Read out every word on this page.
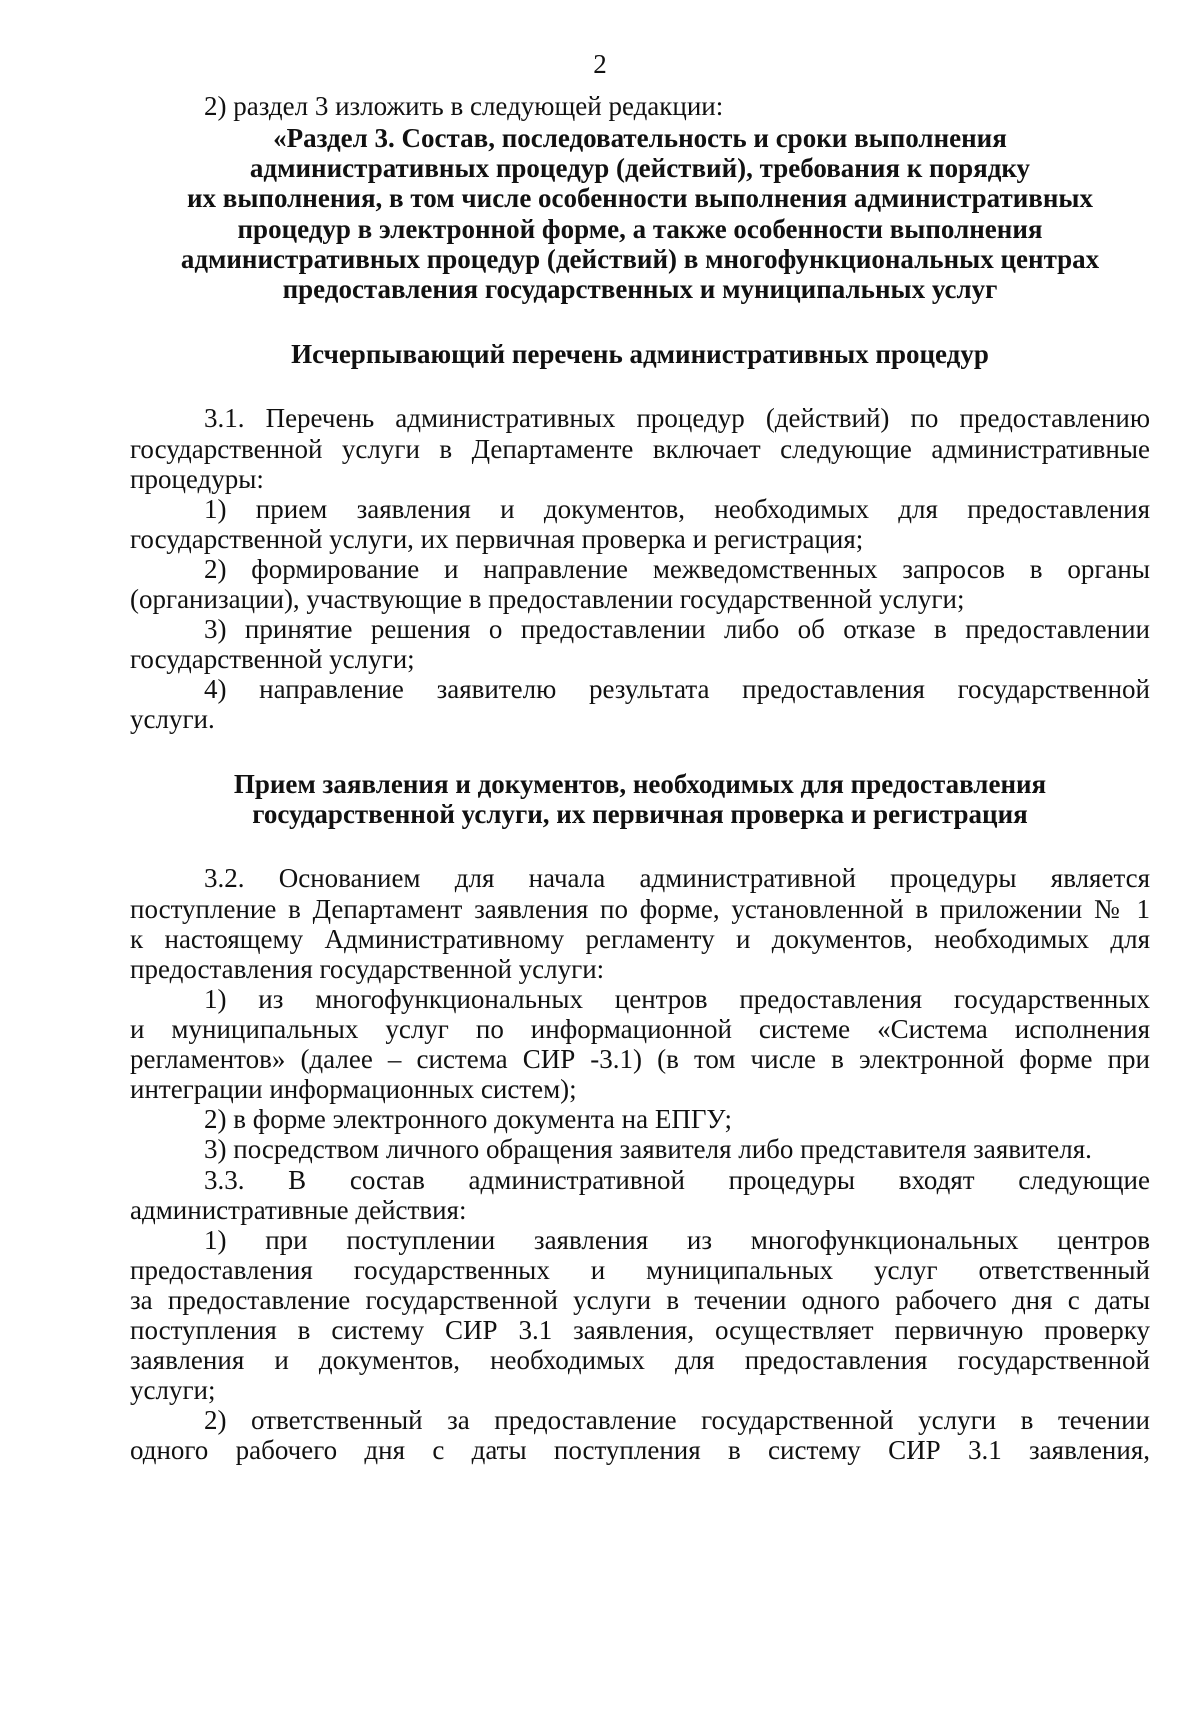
2
2) раздел 3 изложить в следующей редакции:
«Раздел 3. Состав, последовательность и сроки выполнения
административных процедур (действий), требования к порядку
их выполнения, в том числе особенности выполнения административных
процедур в электронной форме, а также особенности выполнения
административных процедур (действий) в многофункциональных центрах
предоставления государственных и муниципальных услуг
Исчерпывающий перечень административных процедур
3.1. Перечень административных процедур (действий) по предоставлению
государственной услуги в Департаменте включает следующие административные
процедуры:
1) прием заявления и документов, необходимых для предоставления
государственной услуги, их первичная проверка и регистрация;
2) формирование и направление межведомственных запросов в органы
(организации), участвующие в предоставлении государственной услуги;
3) принятие решения о предоставлении либо об отказе в предоставлении
государственной услуги;
4) направление заявителю результата предоставления государственной
услуги.
Прием заявления и документов, необходимых для предоставления
государственной услуги, их первичная проверка и регистрация
3.2. Основанием для начала административной процедуры является
поступление в Департамент заявления по форме, установленной в приложении № 1
к настоящему Административному регламенту и документов, необходимых для
предоставления государственной услуги:
1) из многофункциональных центров предоставления государственных
и муниципальных услуг по информационной системе «Система исполнения
регламентов» (далее – система СИР -3.1) (в том числе в электронной форме при
интеграции информационных систем);
2) в форме электронного документа на ЕПГУ;
3) посредством личного обращения заявителя либо представителя заявителя.
3.3. В состав административной процедуры входят следующие
административные действия:
1) при поступлении заявления из многофункциональных центров
предоставления государственных и муниципальных услуг ответственный
за предоставление государственной услуги в течении одного рабочего дня с даты
поступления в систему СИР 3.1 заявления, осуществляет первичную проверку
заявления и документов, необходимых для предоставления государственной
услуги;
2) ответственный за предоставление государственной услуги в течении
одного рабочего дня с даты поступления в систему СИР 3.1 заявления,
